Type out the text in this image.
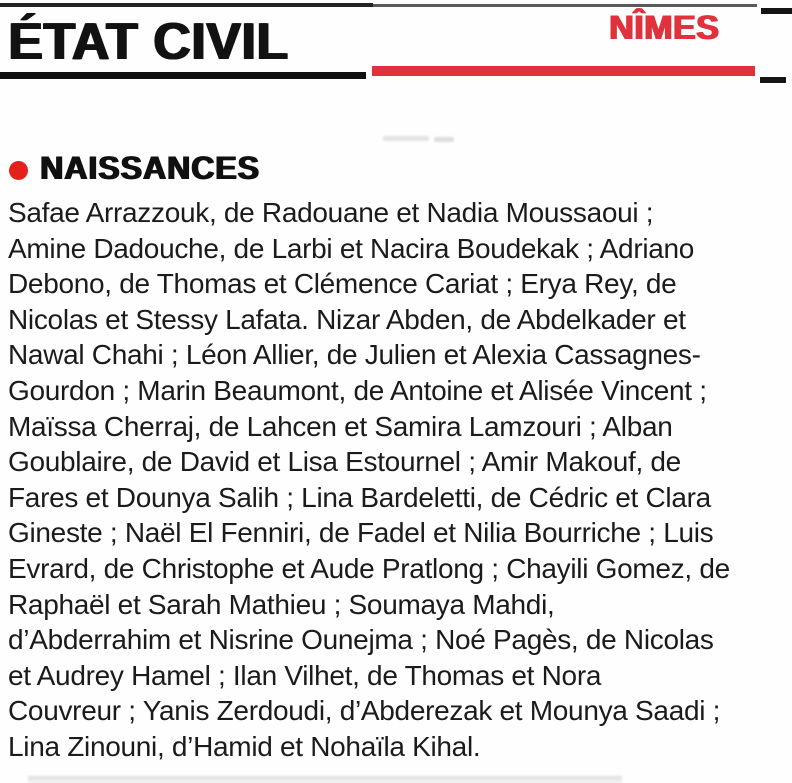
ÉTAT CIVIL	NÎMES
NAISSANCES
Safae Arrazzouk, de Radouane et Nadia Moussaoui ;
Amine Dadouche, de Larbi et Nacira Boudekak ; Adriano
Debono, de Thomas et Clémence Cariat ; Erya Rey, de
Nicolas et Stessy Lafata. Nizar Abden, de Abdelkader et
Nawal Chahi ; Léon Allier, de Julien et Alexia Cassagnes-
Gourdon ; Marin Beaumont, de Antoine et Alisée Vincent ;
Maïssa Cherraj, de Lahcen et Samira Lamzouri ; Alban
Goublaire, de David et Lisa Estournel ; Amir Makouf, de
Fares et Dounya Salih ; Lina Bardeletti, de Cédric et Clara
Gineste ; Naël El Fenniri, de Fadel et Nilia Bourriche ; Luis
Evrard, de Christophe et Aude Pratlong ; Chayili Gomez, de
Raphaël et Sarah Mathieu ; Soumaya Mahdi,
d’Abderrahim et Nisrine Ounejma ; Noé Pagès, de Nicolas
et Audrey Hamel ; Ilan Vilhet, de Thomas et Nora
Couvreur ; Yanis Zerdoudi, d’Abderezak et Mounya Saadi ;
Lina Zinouni, d’Hamid et Nohaïla Kihal.
